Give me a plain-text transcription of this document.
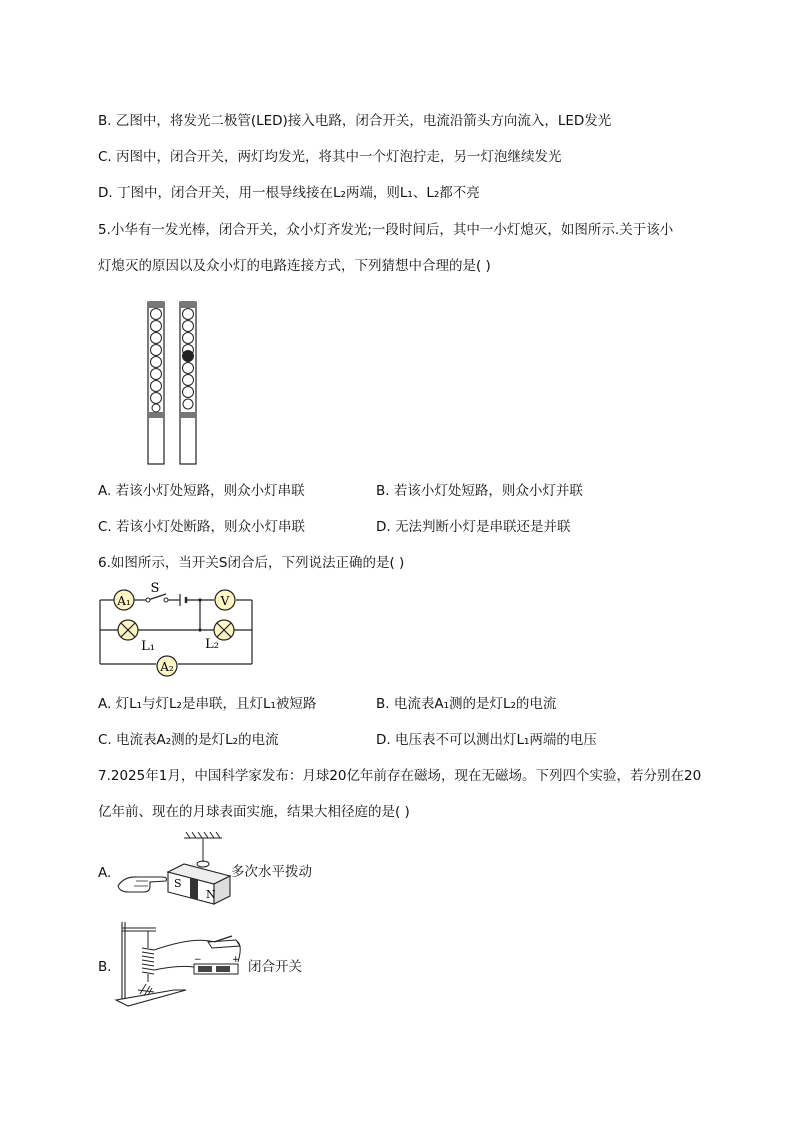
B. 乙图中，将发光二极管(LED)接入电路，闭合开关，电流沿箭头方向流入，LED发光
C. 丙图中，闭合开关，两灯均发光，将其中一个灯泡拧走，另一灯泡继续发光
D. 丁图中，闭合开关，用一根导线接在L₂两端，则L₁、L₂都不亮
5.小华有一发光棒，闭合开关，众小灯齐发光;一段时间后，其中一小灯熄灭，如图所示.关于该小
灯熄灭的原因以及众小灯的电路连接方式，下列猜想中合理的是( )
A. 若该小灯处短路，则众小灯串联	B. 若该小灯处短路，则众小灯并联
C. 若该小灯处断路，则众小灯串联	D. 无法判断小灯是串联还是并联
6.如图所示，当开关S闭合后，下列说法正确的是( )
A₁
S
V
L₁	L₂
A₂
A. 灯L₁与灯L₂是串联，且灯L₁被短路	B. 电流表A₁测的是灯L₂的电流
C. 电流表A₂测的是灯L₂的电流	D. 电压表不可以测出灯L₁两端的电压
7.2025年1月，中国科学家发布：月球20亿年前存在磁场，现在无磁场。下列四个实验，若分别在20
亿年前、现在的月球表面实施，结果大相径庭的是( )
A.
S
N
多次水平拨动
B.	−	+ 闭合开关
